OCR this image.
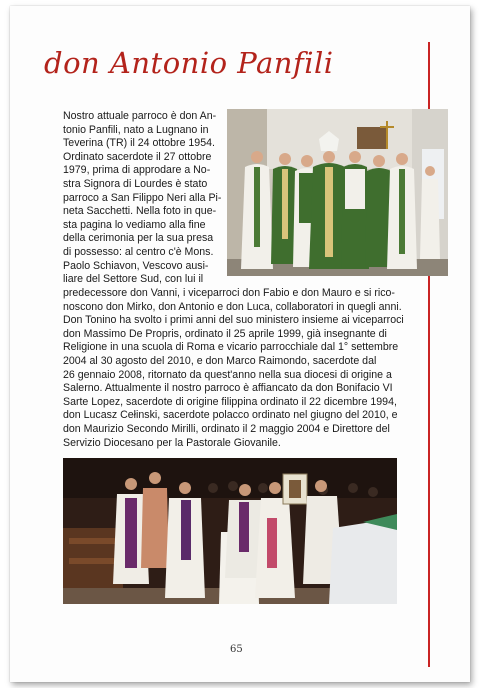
don Antonio Panfili
Nostro attuale parroco è don An-
tonio Panfili, nato a Lugnano in
Teverina (TR) il 24 ottobre 1954.
Ordinato sacerdote il 27 ottobre
1979, prima di approdare a No-
stra Signora di Lourdes è stato
parroco a San Filippo Neri alla Pi-
neta Sacchetti. Nella foto in que-
sta pagina lo vediamo alla fine
della cerimonia per la sua presa
di possesso: al centro c'è Mons.
Paolo Schiavon, Vescovo ausi-
liare del Settore Sud, con lui il
predecessore don Vanni, i viceparroci don Fabio e don Mauro e si rico-
noscono don Mirko, don Antonio e don Luca, collaboratori in quegli anni.
Don Tonino ha svolto i primi anni del suo ministero insieme ai viceparroci
don Massimo De Propris, ordinato il 25 aprile 1999, già insegnante di
Religione in una scuola di Roma e vicario parrocchiale dal 1° settembre
2004 al 30 agosto del 2010, e don Marco Raimondo, sacerdote dal
26 gennaio 2008, ritornato da quest'anno nella sua diocesi di origine a
Salerno. Attualmente il nostro parroco è affiancato da don Bonifacio VI
Sarte Lopez, sacerdote di origine filippina ordinato il 22 dicembre 1994,
don Lucasz Cełinski, sacerdote polacco ordinato nel giugno del 2010, e
don Maurizio Secondo Mirilli, ordinato il 2 maggio 2004 e Direttore del
Servizio Diocesano per la Pastorale Giovanile.
65
